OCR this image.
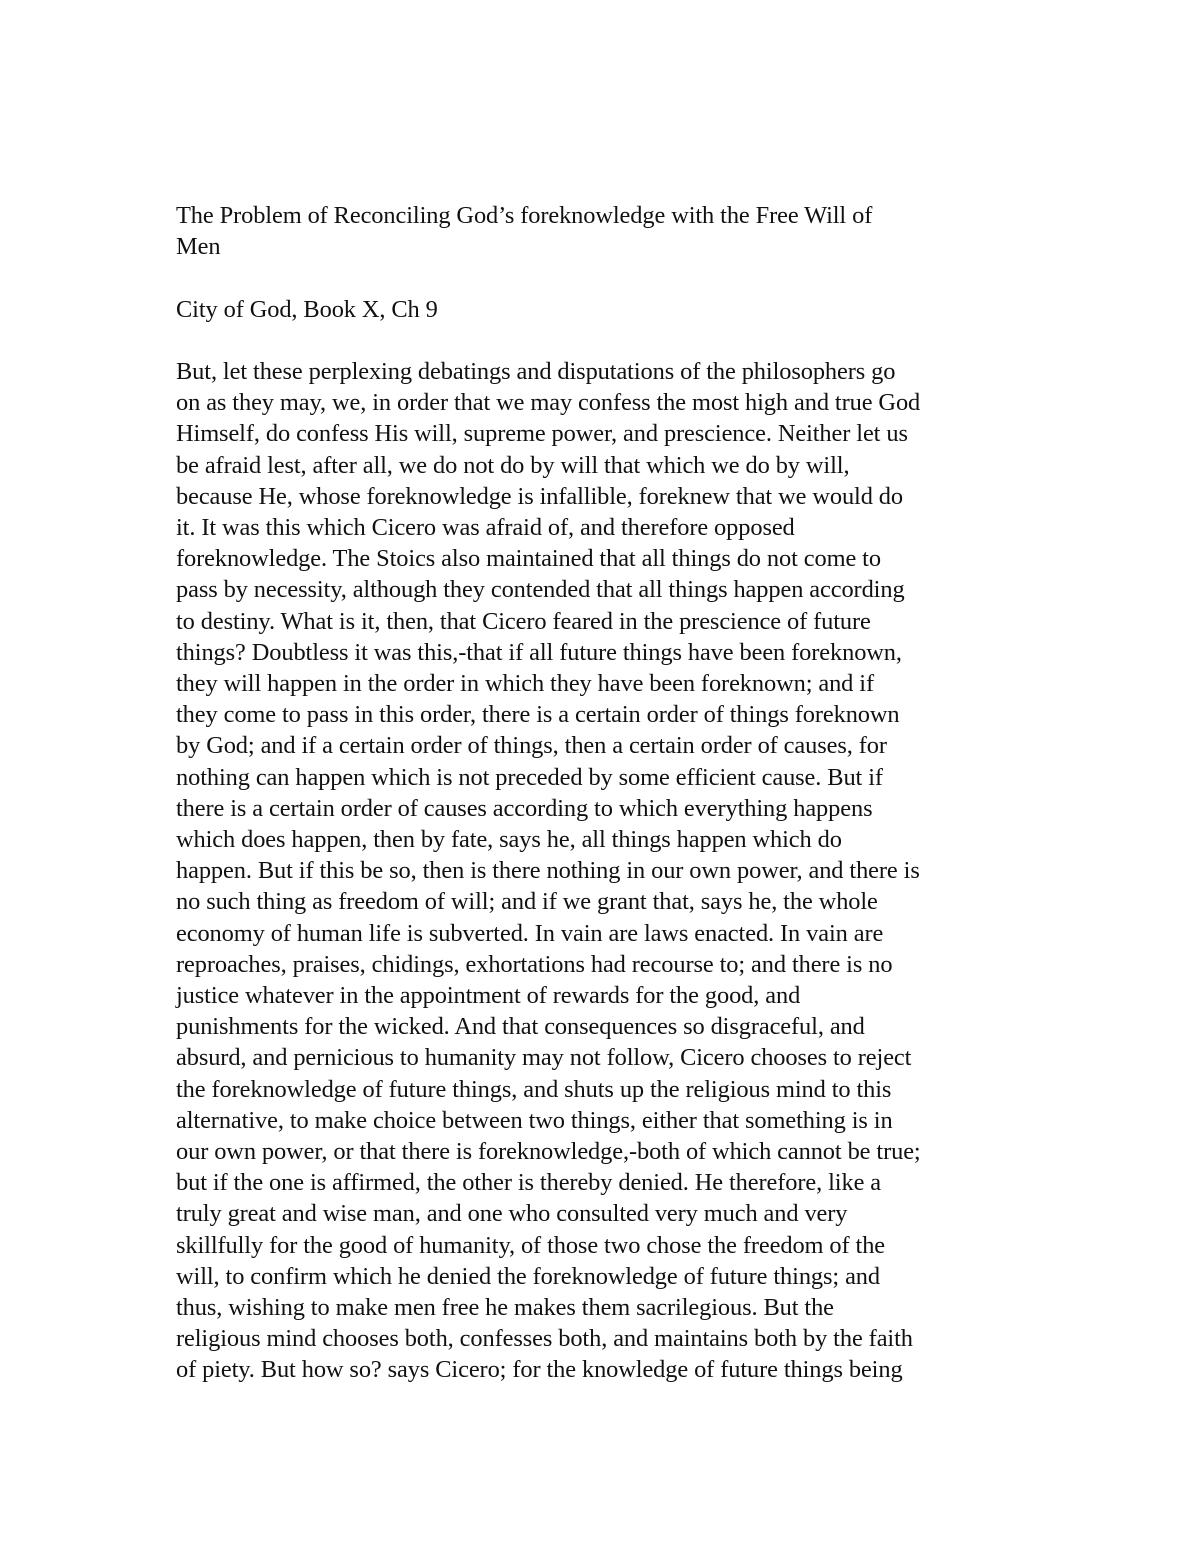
The Problem of Reconciling God’s foreknowledge with the Free Will of
Men
City of God, Book X, Ch 9
But, let these perplexing debatings and disputations of the philosophers go
on as they may, we, in order that we may confess the most high and true God
Himself, do confess His will, supreme power, and prescience. Neither let us
be afraid lest, after all, we do not do by will that which we do by will,
because He, whose foreknowledge is infallible, foreknew that we would do
it. It was this which Cicero was afraid of, and therefore opposed
foreknowledge. The Stoics also maintained that all things do not come to
pass by necessity, although they contended that all things happen according
to destiny. What is it, then, that Cicero feared in the prescience of future
things? Doubtless it was this,-that if all future things have been foreknown,
they will happen in the order in which they have been foreknown; and if
they come to pass in this order, there is a certain order of things foreknown
by God; and if a certain order of things, then a certain order of causes, for
nothing can happen which is not preceded by some efficient cause. But if
there is a certain order of causes according to which everything happens
which does happen, then by fate, says he, all things happen which do
happen. But if this be so, then is there nothing in our own power, and there is
no such thing as freedom of will; and if we grant that, says he, the whole
economy of human life is subverted. In vain are laws enacted. In vain are
reproaches, praises, chidings, exhortations had recourse to; and there is no
justice whatever in the appointment of rewards for the good, and
punishments for the wicked. And that consequences so disgraceful, and
absurd, and pernicious to humanity may not follow, Cicero chooses to reject
the foreknowledge of future things, and shuts up the religious mind to this
alternative, to make choice between two things, either that something is in
our own power, or that there is foreknowledge,-both of which cannot be true;
but if the one is affirmed, the other is thereby denied. He therefore, like a
truly great and wise man, and one who consulted very much and very
skillfully for the good of humanity, of those two chose the freedom of the
will, to confirm which he denied the foreknowledge of future things; and
thus, wishing to make men free he makes them sacrilegious. But the
religious mind chooses both, confesses both, and maintains both by the faith
of piety. But how so? says Cicero; for the knowledge of future things being
